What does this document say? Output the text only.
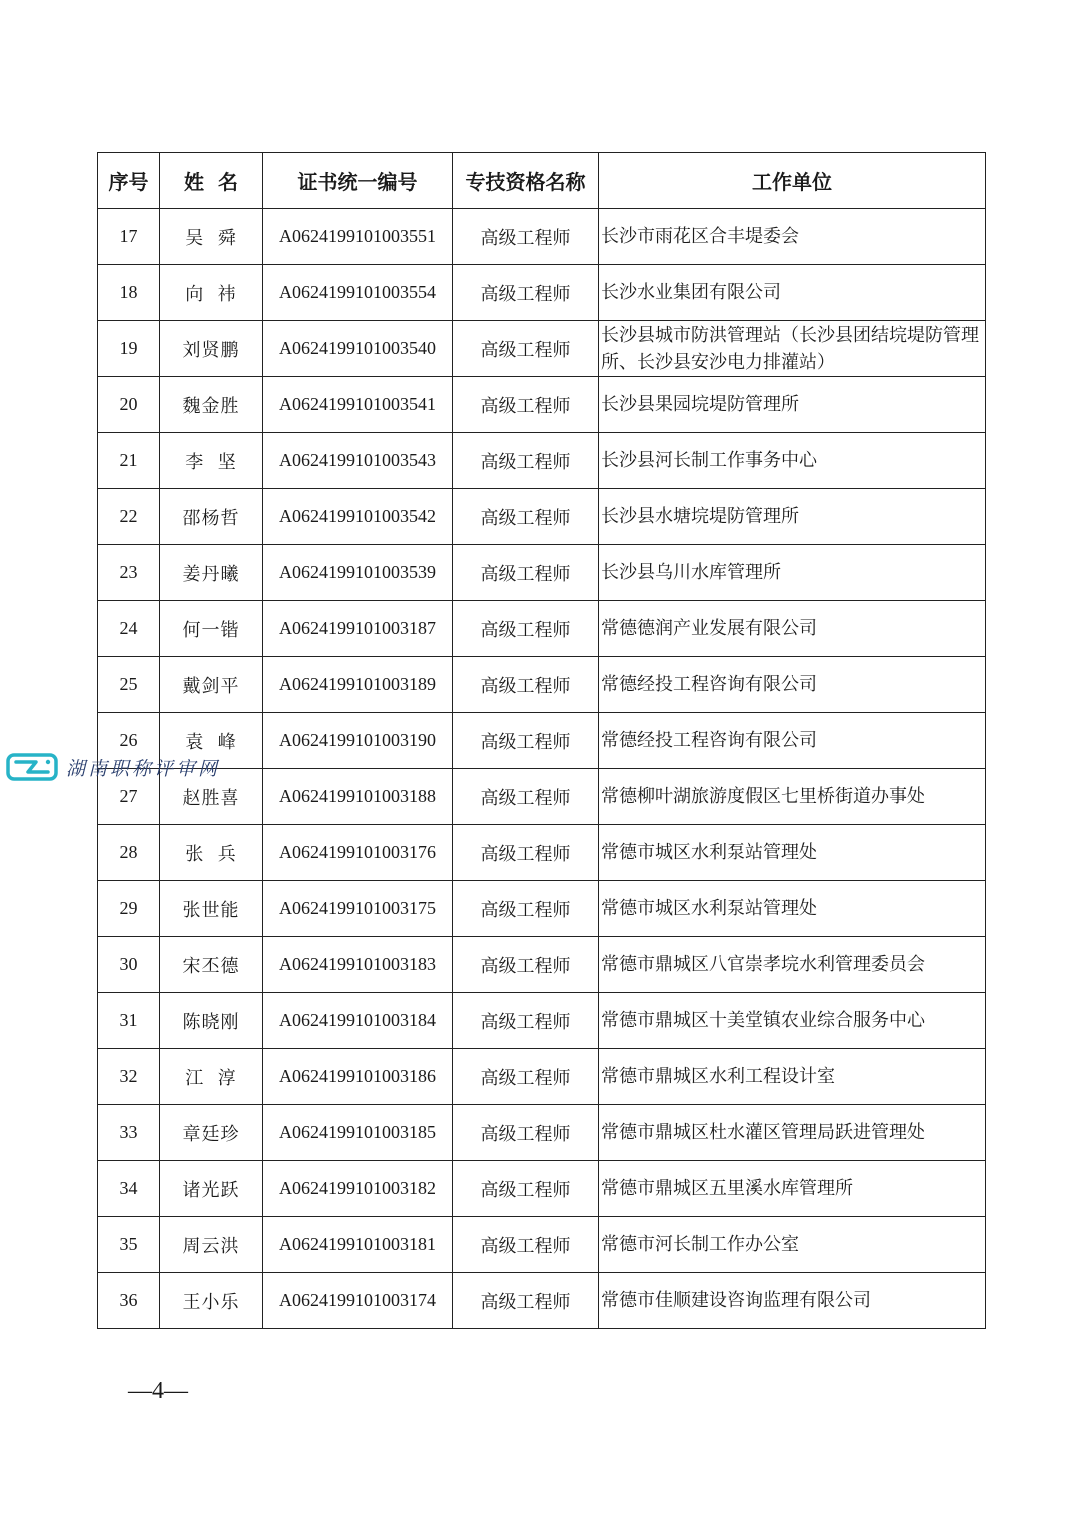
序号	姓  名	证书统一编号	专技资格名称	工作单位
17	吴  舜	A0624199101003551	高级工程师	长沙市雨花区合丰堤委会
18	向  祎	A0624199101003554	高级工程师	长沙水业集团有限公司
19	刘贤鹏	A0624199101003540	高级工程师	长沙县城市防洪管理站（长沙县团结垸堤防管理所、长沙县安沙电力排灌站）
20	魏金胜	A0624199101003541	高级工程师	长沙县果园垸堤防管理所
21	李  坚	A0624199101003543	高级工程师	长沙县河长制工作事务中心
22	邵杨哲	A0624199101003542	高级工程师	长沙县水塘垸堤防管理所
23	姜丹曦	A0624199101003539	高级工程师	长沙县乌川水库管理所
24	何一锴	A0624199101003187	高级工程师	常德德润产业发展有限公司
25	戴剑平	A0624199101003189	高级工程师	常德经投工程咨询有限公司
26	袁  峰	A0624199101003190	高级工程师	常德经投工程咨询有限公司
27	赵胜喜	A0624199101003188	高级工程师	常德柳叶湖旅游度假区七里桥街道办事处
28	张  兵	A0624199101003176	高级工程师	常德市城区水利泵站管理处
29	张世能	A0624199101003175	高级工程师	常德市城区水利泵站管理处
30	宋丕德	A0624199101003183	高级工程师	常德市鼎城区八官崇孝垸水利管理委员会
31	陈晓刚	A0624199101003184	高级工程师	常德市鼎城区十美堂镇农业综合服务中心
32	江  淳	A0624199101003186	高级工程师	常德市鼎城区水利工程设计室
33	章廷珍	A0624199101003185	高级工程师	常德市鼎城区杜水灌区管理局跃进管理处
34	诸光跃	A0624199101003182	高级工程师	常德市鼎城区五里溪水库管理所
35	周云洪	A0624199101003181	高级工程师	常德市河长制工作办公室
36	王小乐	A0624199101003174	高级工程师	常德市佳顺建设咨询监理有限公司
—4—
湖南职称评审网
